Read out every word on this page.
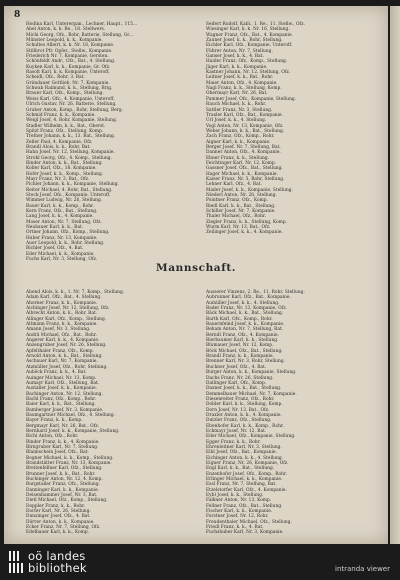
8
Hodina Karl, Untererpan., Lechner, Haupt., 115...
Abel Anton, k. k. Re., 18. Stellwers.
Michi Georg, Ofz., Rohr, Batterie, Stellung, Gr...
Münster Leopold, k. k., Kompanie.
Schultes Albert, k. k. Nr. 16, Kompanie.
Stillbrot Pfr. Opfer., Stellw., Kompanie.
Friederich Nr. 7, Kompanie, Gersten.
Schönfeldt Andr., Ofz., Bat., 4. Stellung.
Kuyken Karl, k. k., Kompanie, Gr. Ofz.
Rasolt Karl, k. k. Kompanie, Unteroff.
Scheidl, Ofz., Rohr, 3. Bat.
Gründauer Gottlieb, Nr. 7, Kompanie.
Schwab Raimund, k. k., Stellung, Brig.
Brauer Karl, Ofz., Komp., Stellung.
Weiss Karl, Ofz., 4. Kompanie, Unteroff.
Ulrich Gustav, Nr. 26, Batterie, Stellung.
Gruber Anton, Komp., Rohr, Stellung, Berg.
Schmid Franz, k. k., Kompanie.
Weigl Josef, 4. Rohr, Kompanie, Stellung.
Stadler Wilhelm, k. k., Bat., Oberst.
Spitzl Franz, Ofz., Stellung, Komp.
Trefner Johann, k. k., 13. Bat., Stellung.
Zeller Paul, 4. Kompanie, Ofz.
Brandl Alois, k. k., Rohr, Bat.
Hahn Josef, Nr. 12, Stellung, Kompanie.
Strobl Georg, Ofz., 4. Komp., Stellung.
Binder Anton, k. k., Bat., Stellung.
Koller Karl, Ofz., 18. Kompanie.
Hofer Josef, k. k., Komp., Stellung.
Mayr Franz, Nr. 3, Bat., Ofz.
Pichler Johann, k. k., Kompanie, Stellung.
Reiter Michael, 4. Rohr, Bat., Stellung.
Stock Josef, Ofz., Kompanie, Unteroff.
Wimmer Ludwig, Nr. 26, Stellung.
Bauer Karl, k. k., Komp., Rohr.
Kern Franz, Ofz., Bat., Stellung.
Lang Josef, k. k., 4. Kompanie.
Moser Anton, Nr. 7, Stellung, Ofz.
Neubauer Karl, k. k., Bat.
Ortner Johann, Ofz., Komp., Stellung.
Huber Franz, Nr. 13, Kompanie.
Auer Leopold, k. k., Rohr, Stellung.
Bichler Josef, Ofz., 4. Bat.
Eder Michael, k. k., Kompanie.
Fuchs Karl, Nr. 3, Stellung, Ofz.
Seifert Rudolf, Kabl., 1. Re., 11. Stellw., Ofz.
Wiesinger Karl, k. k. Nr. 16, Stellung.
Wagner Franz, Ofz., Bat., 4. Kompanie.
Zauner Josef, k. k., Rohr, Stellung.
Eichler Karl, Ofz., Kompanie, Unteroff.
Führer Anton, Nr. 7, Stellung.
Ganser Josef, k. k., 4. Bat.
Haider Franz, Ofz., Komp., Stellung.
Jäger Karl, k. k., Kompanie.
Kastner Johann, Nr. 12, Stellung, Ofz.
Leitner Josef, k. k., Bat., Rohr.
Maier Anton, Ofz., 4. Kompanie.
Nagl Franz, k. k., Stellung, Komp.
Obermayr Karl, Nr. 26, Bat.
Pammer Josef, Ofz., Kompanie, Stellung.
Rauch Michael, k. k., Rohr.
Sattler Franz, Nr. 3, Stellung.
Traxler Karl, Ofz., Bat., Kompanie.
Url Josef, k. k., 4. Stellung.
Vogl Anton, Nr. 13, Kompanie, Ofz.
Weber Johann, k. k., Bat., Stellung.
Zach Franz, Ofz., Komp., Rohr.
Aigner Karl, k. k., Kompanie.
Berger Josef, Nr. 7, Stellung, Bat.
Danner Anton, Ofz., 4. Kompanie.
Ebner Franz, k. k., Stellung.
Feichtinger Karl, Nr. 12, Komp.
Gassner Josef, Ofz., Bat., Stellung.
Hager Michael, k. k., Kompanie.
Kaiser Franz, Nr. 3, Rohr, Stellung.
Lehner Karl, Ofz., 4. Bat.
Mader Josef, k. k., Kompanie, Stellung.
Niederl Anton, Nr. 26, Stellung.
Pointner Franz, Ofz., Komp.
Riedl Karl, k. k., Bat., Stellung.
Schiller Josef, Nr. 7, Kompanie.
Thaler Michael, Ofz., Rohr.
Ziegler Franz, k. k., Stellung, Komp.
Wurm Karl, Nr. 13, Bat., Ofz.
Zeilinger Josef, k. k., 4. Kompanie.
Mannschaft.
Abend Alois, k. k., 1. Nr. 7, Komp., Stellung.
Adam Karl, Ofz., Bat., 4. Stellung.
Ahorner Franz, k. k., Kompanie.
Aichinger Josef, Nr. 12, Stellung, Ofz.
Albrecht Anton, k. k., Rohr, Bat.
Allinger Karl, Ofz., Komp., Stellung.
Altmann Franz, k. k., Kompanie.
Amann Josef, Nr. 3, Stellung.
Andrä Michael, Ofz., Bat., Rohr.
Angerer Karl, k. k., 4. Kompanie.
Anzengruber Josef, Nr. 26, Stellung.
Apfelthaler Franz, Ofz., Komp.
Arnold Anton, k. k., Bat., Stellung.
Aschauer Karl, Nr. 7, Kompanie.
Atzmüller Josef, Ofz., Rohr, Stellung.
Auböck Franz, k. k., 4. Bat.
Auinger Michael, Nr. 13, Komp.
Aumayr Karl, Ofz., Stellung, Bat.
Austaller Josef, k. k., Kompanie.
Bachinger Anton, Nr. 12, Stellung.
Bachl Franz, Ofz., Komp., Rohr.
Baier Karl, k. k., Bat., Stellung.
Bamberger Josef, Nr. 3, Kompanie.
Baumgartner Michael, Ofz., 4. Stellung.
Bayer Franz, k. k., Komp.
Bergmayr Karl, Nr. 26, Bat., Ofz.
Bernhard Josef, k. k., Kompanie, Stellung.
Bichl Anton, Ofz., Rohr.
Binder Franz, k. k., 4. Kompanie.
Birngruber Karl, Nr. 7, Stellung.
Blaimschein Josef, Ofz., Bat.
Bogner Michael, k. k., Komp., Stellung.
Brandstätter Franz, Nr. 13, Kompanie.
Breitenfellner Karl, Ofz., Stellung.
Brunner Josef, k. k., Bat., Rohr.
Buchinger Anton, Nr. 12, 4. Komp.
Burgstaller Franz, Ofz., Stellung.
Danninger Karl, k. k., Kompanie.
Deisenhammer Josef, Nr. 3, Bat.
Dietl Michael, Ofz., Komp., Stellung.
Doppler Franz, k. k., Rohr.
Dorfer Karl, Nr. 26, Stellung.
Dunzinger Josef, Ofz., 4. Bat.
Dürrer Anton, k. k., Kompanie.
Ecker Franz, Nr. 7, Stellung, Ofz.
Edelbauer Karl, k. k., Komp.
Ausserer Vinzenz, 2. Re., 11. Rohr, Stellung.
Aubrunner Karl, Ofz., Bat., Kompanie.
Aumüller Josef, k. k., 4. Stellung.
Bader Franz, Nr. 13, Kompanie, Ofz.
Bäck Michael, k. k., Bat., Stellung.
Barth Karl, Ofz., Komp., Rohr.
Bauernfeind Josef, k. k., Kompanie.
Beham Anton, Nr. 7, Stellung, Bat.
Berndl Franz, Ofz., 4. Kompanie.
Bierbaumer Karl, k. k., Stellung.
Blumauer Josef, Nr. 12, Komp.
Böck Michael, Ofz., Bat., Stellung.
Brandl Franz, k. k., Kompanie.
Brenner Karl, Nr. 3, Rohr, Stellung.
Buchner Josef, Ofz., 4. Bat.
Burger Anton, k. k., Kompanie, Stellung.
Dachs Franz, Nr. 26, Stellung.
Dallinger Karl, Ofz., Komp.
Daxner Josef, k. k., Bat., Stellung.
Demmelbauer Michael, Nr. 7, Kompanie.
Diesenreiter Franz, Ofz., Rohr.
Dobler Karl, k. k., Stellung, Komp.
Dorn Josef, Nr. 13, Bat., Ofz.
Draxler Anton, k. k., 4. Kompanie.
Dutzler Franz, Ofz., Stellung.
Ebenhofer Karl, k. k., Komp., Rohr.
Eckmayr Josef, Nr. 12, Bat.
Eder Michael, Ofz., Kompanie, Stellung.
Egger Franz, k. k., Rohr.
Ehrenleitner Karl, Nr. 3, Stellung.
Eibl Josef, Ofz., Bat., Kompanie.
Eichinger Anton, k. k., 4. Stellung.
Eigner Franz, Nr. 26, Kompanie, Ofz.
Engl Karl, k. k., Bat., Stellung.
Enzenhofer Josef, Ofz., Komp., Rohr.
Erlinger Michael, k. k., Kompanie.
Essl Franz, Nr. 7, Stellung, Bat.
Etzelstorfer Karl, Ofz., 4. Kompanie.
Eybl Josef, k. k., Stellung.
Falkner Anton, Nr. 13, Komp.
Fellner Franz, Ofz., Bat., Stellung.
Fischer Karl, k. k., Kompanie.
Forstner Josef, Nr. 12, Rohr.
Freudenthaler Michael, Ofz., Stellung.
Friedl Franz, k. k., 4. Bat.
Fuchshuber Karl, Nr. 3, Kompanie.
oö landes
bibliothek	intranda viewer
